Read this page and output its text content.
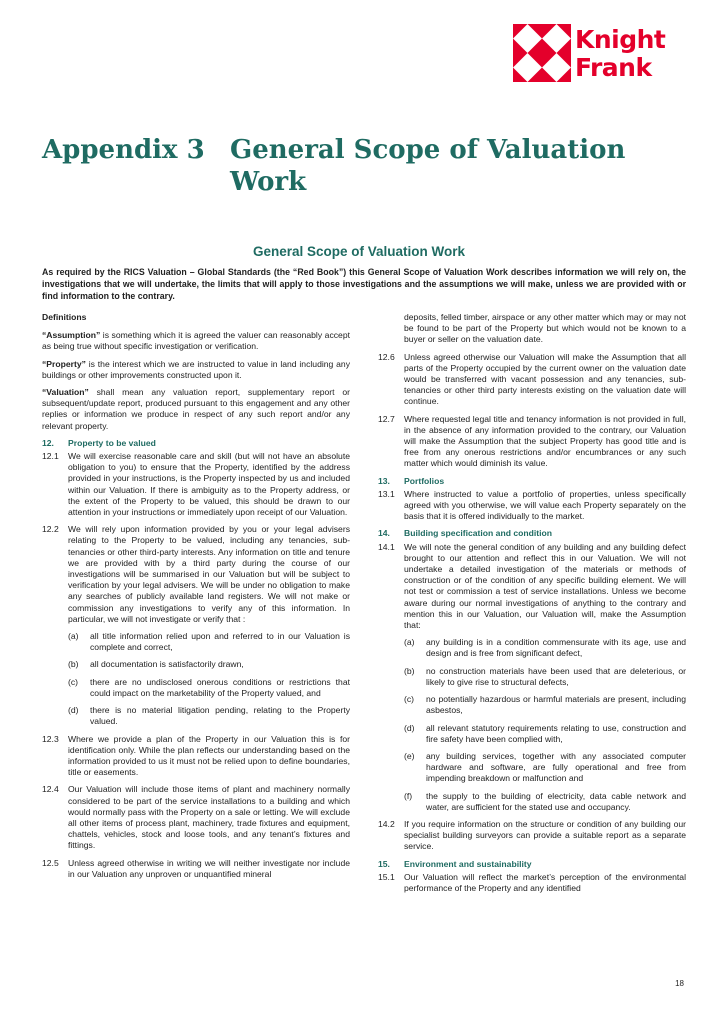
Knight
Frank
Appendix 3 General Scope of Valuation Work
General Scope of Valuation Work
As required by the RICS Valuation – Global Standards (the “Red Book”) this General Scope of Valuation Work describes information we will rely on, the investigations that we will undertake, the limits that will apply to those investigations and the assumptions we will make, unless we are provided with or find information to the contrary.

Definitions

“Assumption” is something which it is agreed the valuer can reasonably accept as being true without specific investigation or verification.

“Property” is the interest which we are instructed to value in land including any buildings or other improvements constructed upon it.

“Valuation” shall mean any valuation report, supplementary report or subsequent/update report, produced pursuant to this engagement and any other replies or information we produce in respect of any such report and/or any relevant property.

12.	Property to be valued
12.1	We will exercise reasonable care and skill (but will not have an absolute obligation to you) to ensure that the Property, identified by the address provided in your instructions, is the Property inspected by us and included within our Valuation. If there is ambiguity as to the Property address, or the extent of the Property to be valued, this should be drawn to our attention in your instructions or immediately upon receipt of our Valuation.
12.2	We will rely upon information provided by you or your legal advisers relating to the Property to be valued, including any tenancies, sub-tenancies or other third-party interests. Any information on title and tenure we are provided with by a third party during the course of our investigations will be summarised in our Valuation but will be subject to verification by your legal advisers. We will be under no obligation to make any searches of publicly available land registers. We will not make or commission any investigations to verify any of this information. In particular, we will not investigate or verify that :
(a)	all title information relied upon and referred to in our Valuation is complete and correct,
(b)	all documentation is satisfactorily drawn,
(c)	there are no undisclosed onerous conditions or restrictions that could impact on the marketability of the Property valued, and
(d)	there is no material litigation pending, relating to the Property valued.
12.3	Where we provide a plan of the Property in our Valuation this is for identification only. While the plan reflects our understanding based on the information provided to us it must not be relied upon to define boundaries, title or easements.
12.4	Our Valuation will include those items of plant and machinery normally considered to be part of the service installations to a building and which would normally pass with the Property on a sale or letting. We will exclude all other items of process plant, machinery, trade fixtures and equipment, chattels, vehicles, stock and loose tools, and any tenant’s fixtures and fittings.
12.5	Unless agreed otherwise in writing we will neither investigate nor include in our Valuation any unproven or unquantified mineral

deposits, felled timber, airspace or any other matter which may or may not be found to be part of the Property but which would not be known to a buyer or seller on the valuation date.

12.6	Unless agreed otherwise our Valuation will make the Assumption that all parts of the Property occupied by the current owner on the valuation date would be transferred with vacant possession and any tenancies, sub-tenancies or other third party interests existing on the valuation date will continue.
12.7	Where requested legal title and tenancy information is not provided in full, in the absence of any information provided to the contrary, our Valuation will make the Assumption that the subject Property has good title and is free from any onerous restrictions and/or encumbrances or any such matter which would diminish its value.
13.	Portfolios
13.1	Where instructed to value a portfolio of properties, unless specifically agreed with you otherwise, we will value each Property separately on the basis that it is offered individually to the market.
14.	Building specification and condition
14.1	We will note the general condition of any building and any building defect brought to our attention and reflect this in our Valuation. We will not undertake a detailed investigation of the materials or methods of construction or of the condition of any specific building element. We will not test or commission a test of service installations. Unless we become aware during our normal investigations of anything to the contrary and mention this in our Valuation, our Valuation will, make the Assumption that:
(a)	any building is in a condition commensurate with its age, use and design and is free from significant defect,
(b)	no construction materials have been used that are deleterious, or likely to give rise to structural defects,
(c)	no potentially hazardous or harmful materials are present, including asbestos,
(d)	all relevant statutory requirements relating to use, construction and fire safety have been complied with,
(e)	any building services, together with any associated computer hardware and software, are fully operational and free from impending breakdown or malfunction and
(f)	the supply to the building of electricity, data cable network and water, are sufficient for the stated use and occupancy.
14.2	If you require information on the structure or condition of any building our specialist building surveyors can provide a suitable report as a separate service.
15.	Environment and sustainability
15.1	Our Valuation will reflect the market’s perception of the environmental performance of the Property and any identified
18
